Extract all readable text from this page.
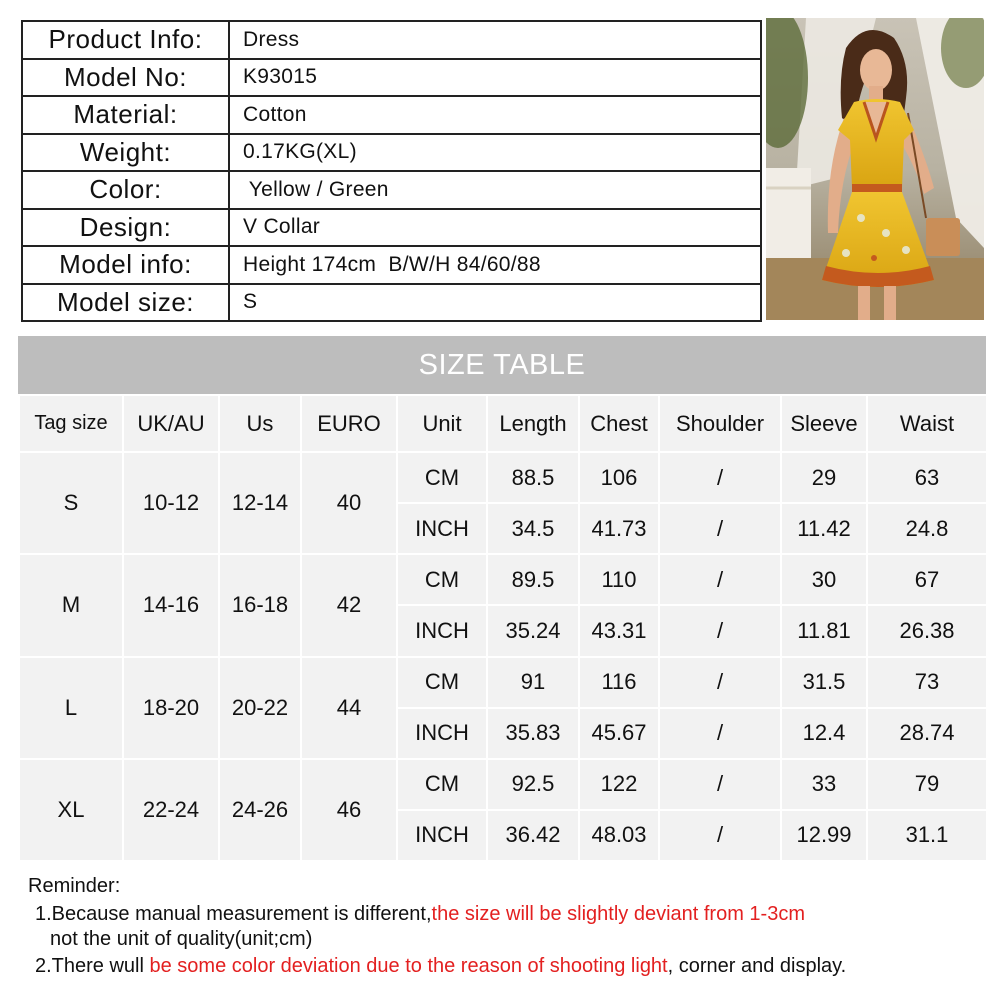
Product Info:	Dress
Model No:	K93015
Material:	Cotton
Weight:	0.17KG(XL)
Color:	Yellow / Green
Design:	V Collar
Model info:	Height 174cm  B/W/H 84/60/88
Model size:	S
SIZE TABLE
Tag size	UK/AU	Us	EURO	Unit	Length	Chest	Shoulder	Sleeve	Waist
S	10-12	12-14	40	CM	88.5	106	/	29	63
				INCH	34.5	41.73	/	11.42	24.8
M	14-16	16-18	42	CM	89.5	110	/	30	67
				INCH	35.24	43.31	/	11.81	26.38
L	18-20	20-22	44	CM	91	116	/	31.5	73
				INCH	35.83	45.67	/	12.4	28.74
XL	22-24	24-26	46	CM	92.5	122	/	33	79
				INCH	36.42	48.03	/	12.99	31.1
Reminder:
1.Because manual measurement is different,the size will be slightly deviant from 1-3cm
not the unit of quality(unit;cm)
2.There wull be some color deviation due to the reason of shooting light, corner and display.
